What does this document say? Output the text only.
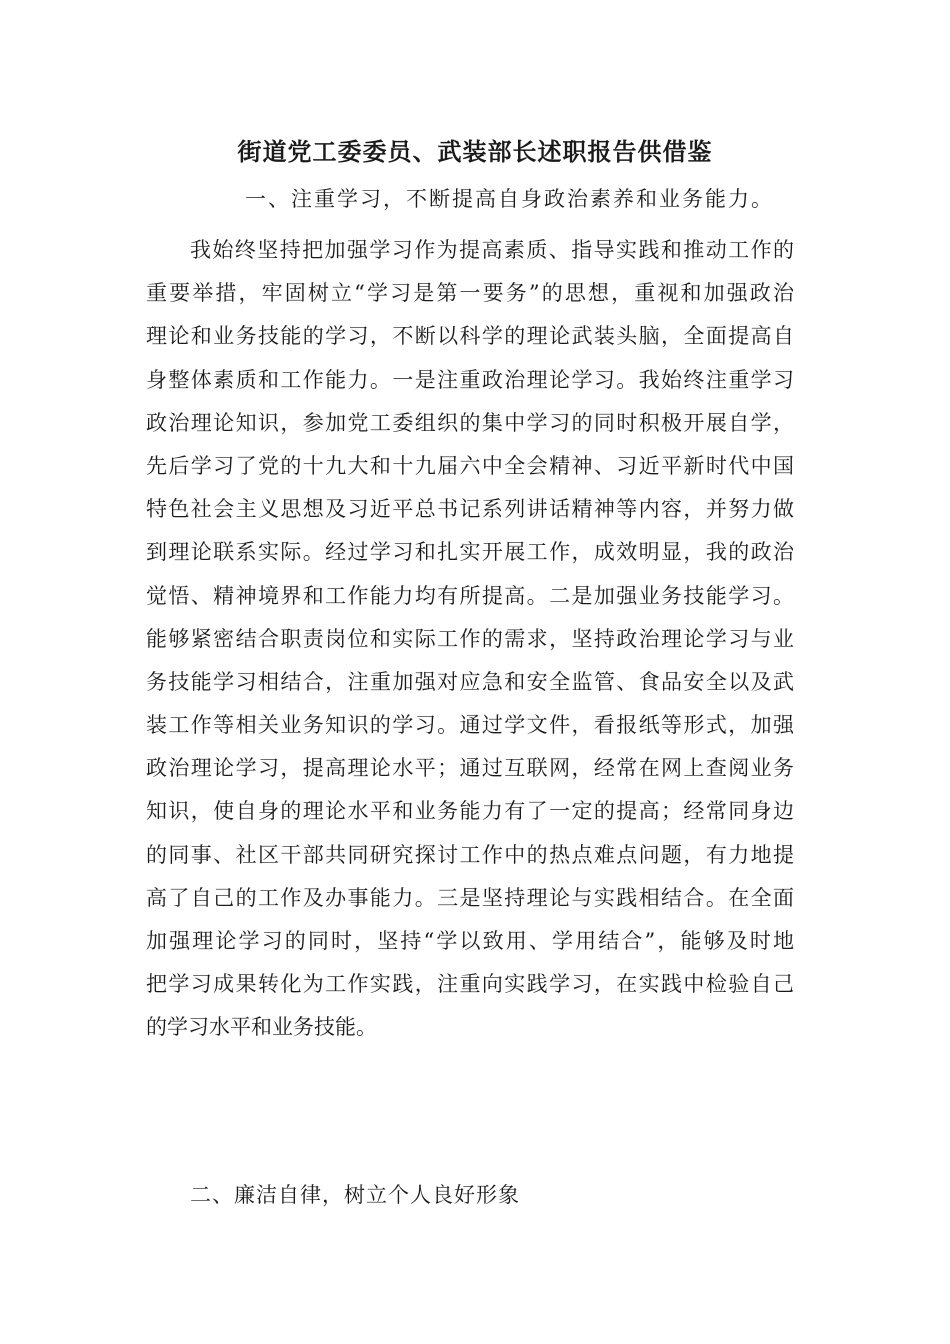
街道党工委委员、武装部长述职报告供借鉴

一、注重学习，不断提高自身政治素养和业务能力。

我始终坚持把加强学习作为提高素质、指导实践和推动工作的
重要举措，牢固树立“学习是第一要务”的思想，重视和加强政治
理论和业务技能的学习，不断以科学的理论武装头脑，全面提高自
身整体素质和工作能力。一是注重政治理论学习。我始终注重学习
政治理论知识，参加党工委组织的集中学习的同时积极开展自学，
先后学习了党的十九大和十九届六中全会精神、习近平新时代中国
特色社会主义思想及习近平总书记系列讲话精神等内容，并努力做
到理论联系实际。经过学习和扎实开展工作，成效明显，我的政治
觉悟、精神境界和工作能力均有所提高。二是加强业务技能学习。
能够紧密结合职责岗位和实际工作的需求，坚持政治理论学习与业
务技能学习相结合，注重加强对应急和安全监管、食品安全以及武
装工作等相关业务知识的学习。通过学文件，看报纸等形式，加强
政治理论学习，提高理论水平；通过互联网，经常在网上查阅业务
知识，使自身的理论水平和业务能力有了一定的提高；经常同身边
的同事、社区干部共同研究探讨工作中的热点难点问题，有力地提
高了自己的工作及办事能力。三是坚持理论与实践相结合。在全面
加强理论学习的同时，坚持“学以致用、学用结合”，能够及时地
把学习成果转化为工作实践，注重向实践学习，在实践中检验自己
的学习水平和业务技能。

二、廉洁自律，树立个人良好形象
